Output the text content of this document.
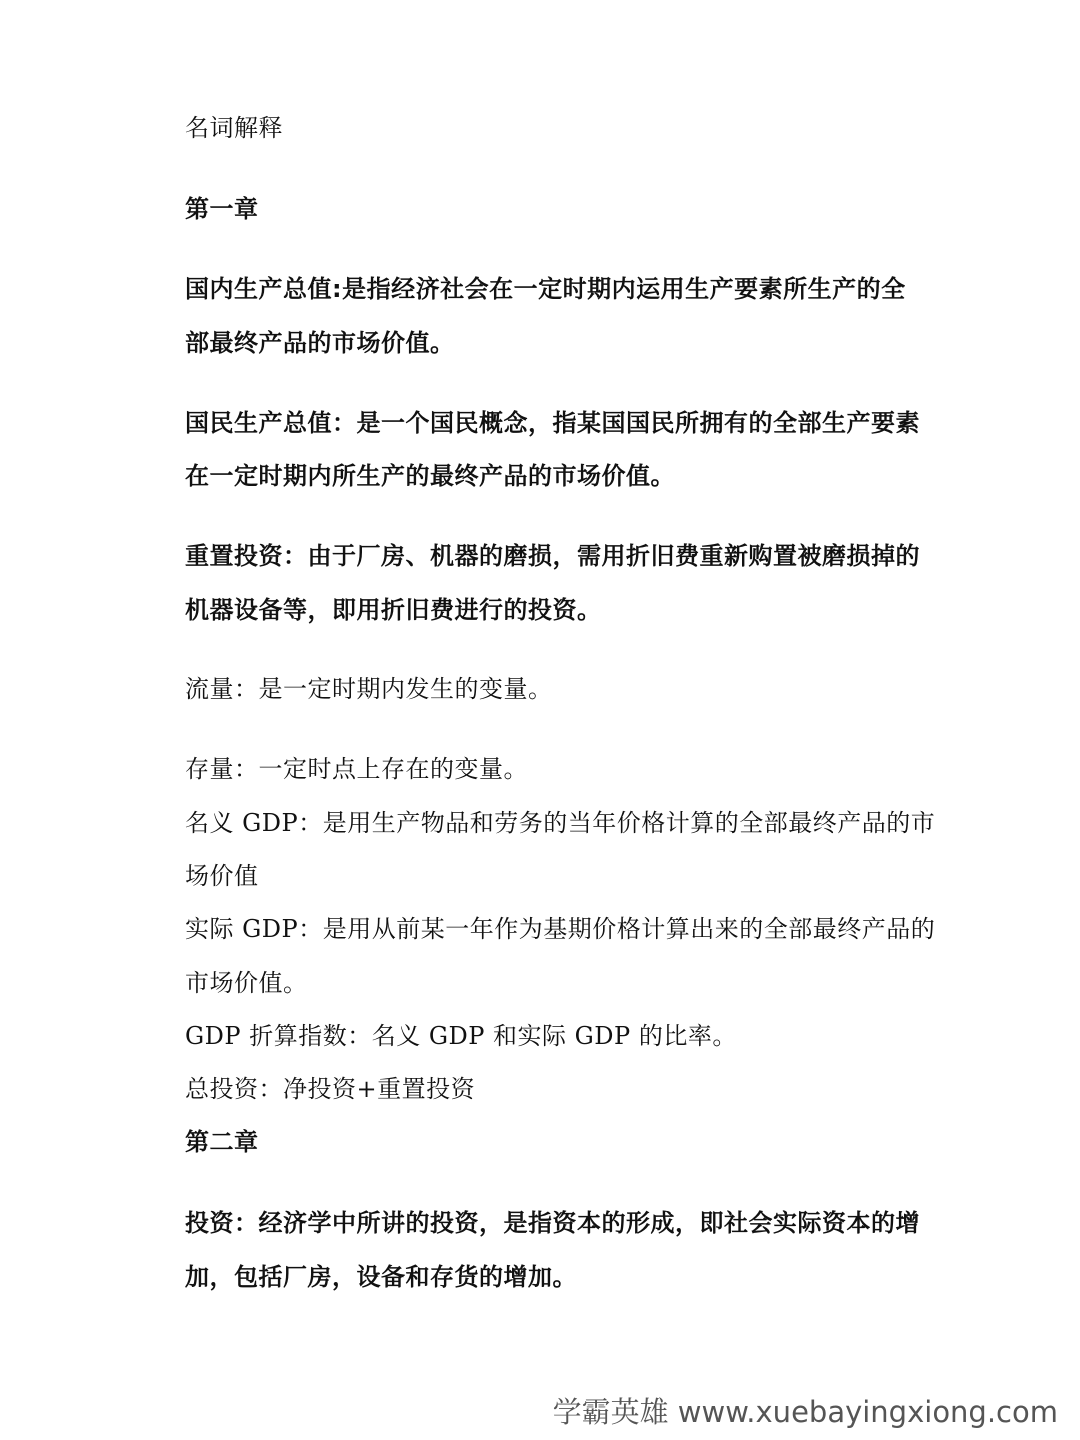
名词解释
第一章
国内生产总值:是指经济社会在一定时期内运用生产要素所生产的全
部最终产品的市场价值。
国民生产总值：是一个国民概念，指某国国民所拥有的全部生产要素
在一定时期内所生产的最终产品的市场价值。
重置投资：由于厂房、机器的磨损，需用折旧费重新购置被磨损掉的
机器设备等，即用折旧费进行的投资。
流量：是一定时期内发生的变量。
存量：一定时点上存在的变量。
名义 GDP：是用生产物品和劳务的当年价格计算的全部最终产品的市
场价值
实际 GDP：是用从前某一年作为基期价格计算出来的全部最终产品的
市场价值。
GDP 折算指数：名义 GDP 和实际 GDP 的比率。
总投资：净投资+重置投资
第二章
投资：经济学中所讲的投资，是指资本的形成，即社会实际资本的增
加，包括厂房，设备和存货的增加。
学霸英雄 www.xuebayingxiong.com
